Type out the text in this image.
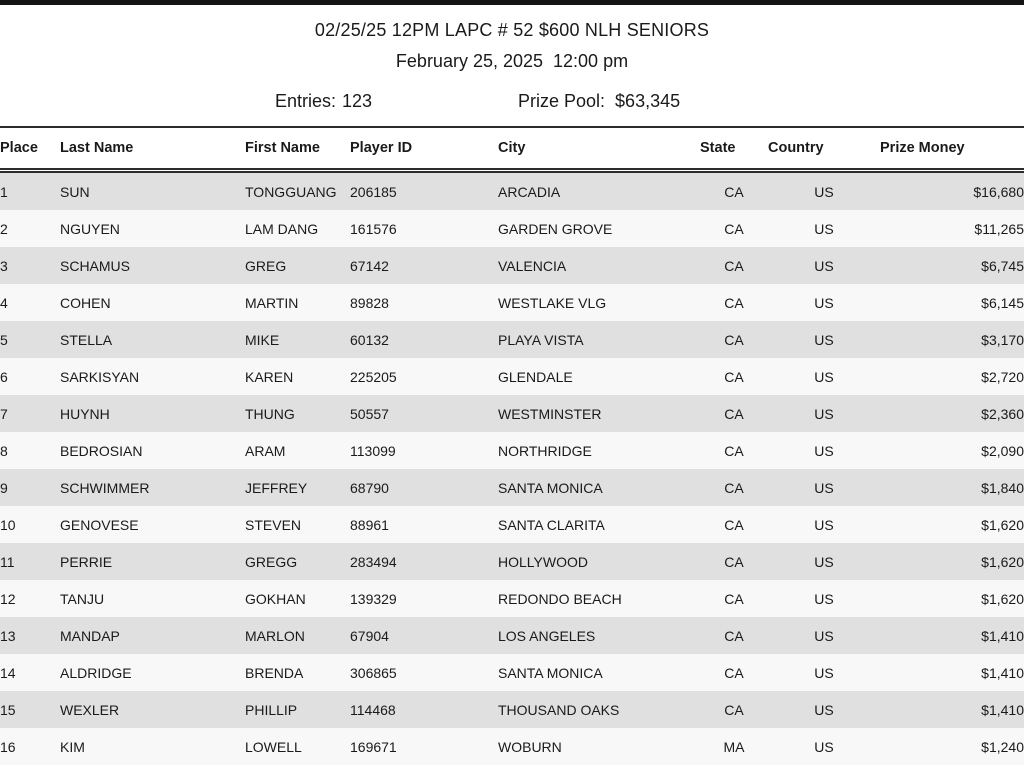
02/25/25 12PM LAPC # 52 $600 NLH SENIORS
February 25, 2025  12:00 pm
Entries: 123	Prize Pool: $63,345
Place	Last Name	First Name	Player ID	City	State	Country	Prize Money
1	SUN	TONGGUANG	206185	ARCADIA	CA	US	$16,680
2	NGUYEN	LAM DANG	161576	GARDEN GROVE	CA	US	$11,265
3	SCHAMUS	GREG	67142	VALENCIA	CA	US	$6,745
4	COHEN	MARTIN	89828	WESTLAKE VLG	CA	US	$6,145
5	STELLA	MIKE	60132	PLAYA VISTA	CA	US	$3,170
6	SARKISYAN	KAREN	225205	GLENDALE	CA	US	$2,720
7	HUYNH	THUNG	50557	WESTMINSTER	CA	US	$2,360
8	BEDROSIAN	ARAM	113099	NORTHRIDGE	CA	US	$2,090
9	SCHWIMMER	JEFFREY	68790	SANTA MONICA	CA	US	$1,840
10	GENOVESE	STEVEN	88961	SANTA CLARITA	CA	US	$1,620
11	PERRIE	GREGG	283494	HOLLYWOOD	CA	US	$1,620
12	TANJU	GOKHAN	139329	REDONDO BEACH	CA	US	$1,620
13	MANDAP	MARLON	67904	LOS ANGELES	CA	US	$1,410
14	ALDRIDGE	BRENDA	306865	SANTA MONICA	CA	US	$1,410
15	WEXLER	PHILLIP	114468	THOUSAND OAKS	CA	US	$1,410
16	KIM	LOWELL	169671	WOBURN	MA	US	$1,240
